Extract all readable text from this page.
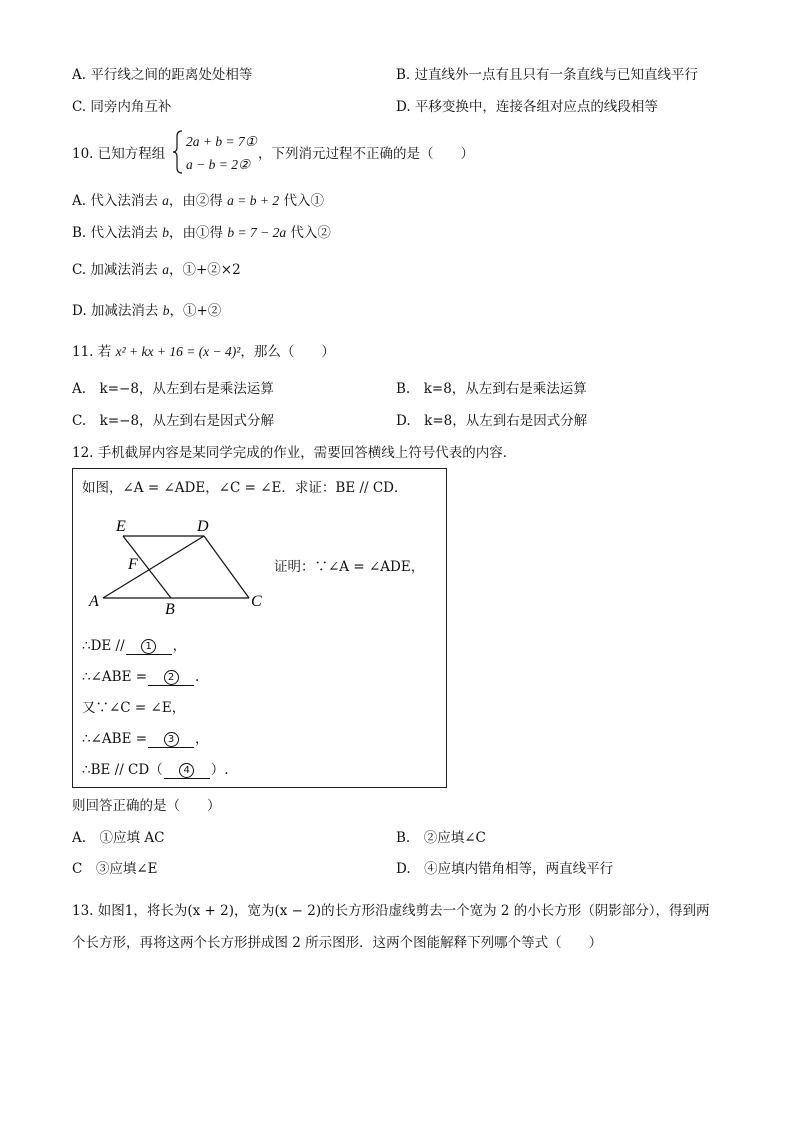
A. 平行线之间的距离处处相等	B. 过直线外一点有且只有一条直线与已知直线平行
C. 同旁内角互补	D. 平移变换中，连接各组对应点的线段相等
10. 已知方程组
2a + b = 7①
a − b = 2②
，下列消元过程不正确的是（　　）
A. 代入法消去 a，由②得 a = b + 2 代入①
B. 代入法消去 b，由①得 b = 7 − 2a 代入②
C. 加减法消去 a，①+②×2
D. 加减法消去 b，①+②
11. 若 x² + kx + 16 = (x − 4)²，那么（　　）
A.　k=−8，从左到右是乘法运算	B.　k=8，从左到右是乘法运算
C.　k=−8，从左到右是因式分解	D.　k=8，从左到右是因式分解
12. 手机截屏内容是某同学完成的作业，需要回答横线上符号代表的内容．
如图，∠A = ∠ADE，∠C = ∠E．求证：BE // CD．
E	D
F
A	B	C
证明：∵∠A = ∠ADE，
∴DE // 1 ，
∴∠ABE = 2 .
又∵∠C = ∠E，
∴∠ABE = 3 ，
∴BE // CD（ 4 ）.
则回答正确的是（　　）
A.　①应填 AC	B.　②应填∠C
C　③应填∠E	D.　④应填内错角相等，两直线平行
13. 如图1，将长为(x + 2)，宽为(x − 2)的长方形沿虚线剪去一个宽为 2 的小长方形（阴影部分），得到两
个长方形，再将这两个长方形拼成图 2 所示图形．这两个图能解释下列哪个等式（　　）
